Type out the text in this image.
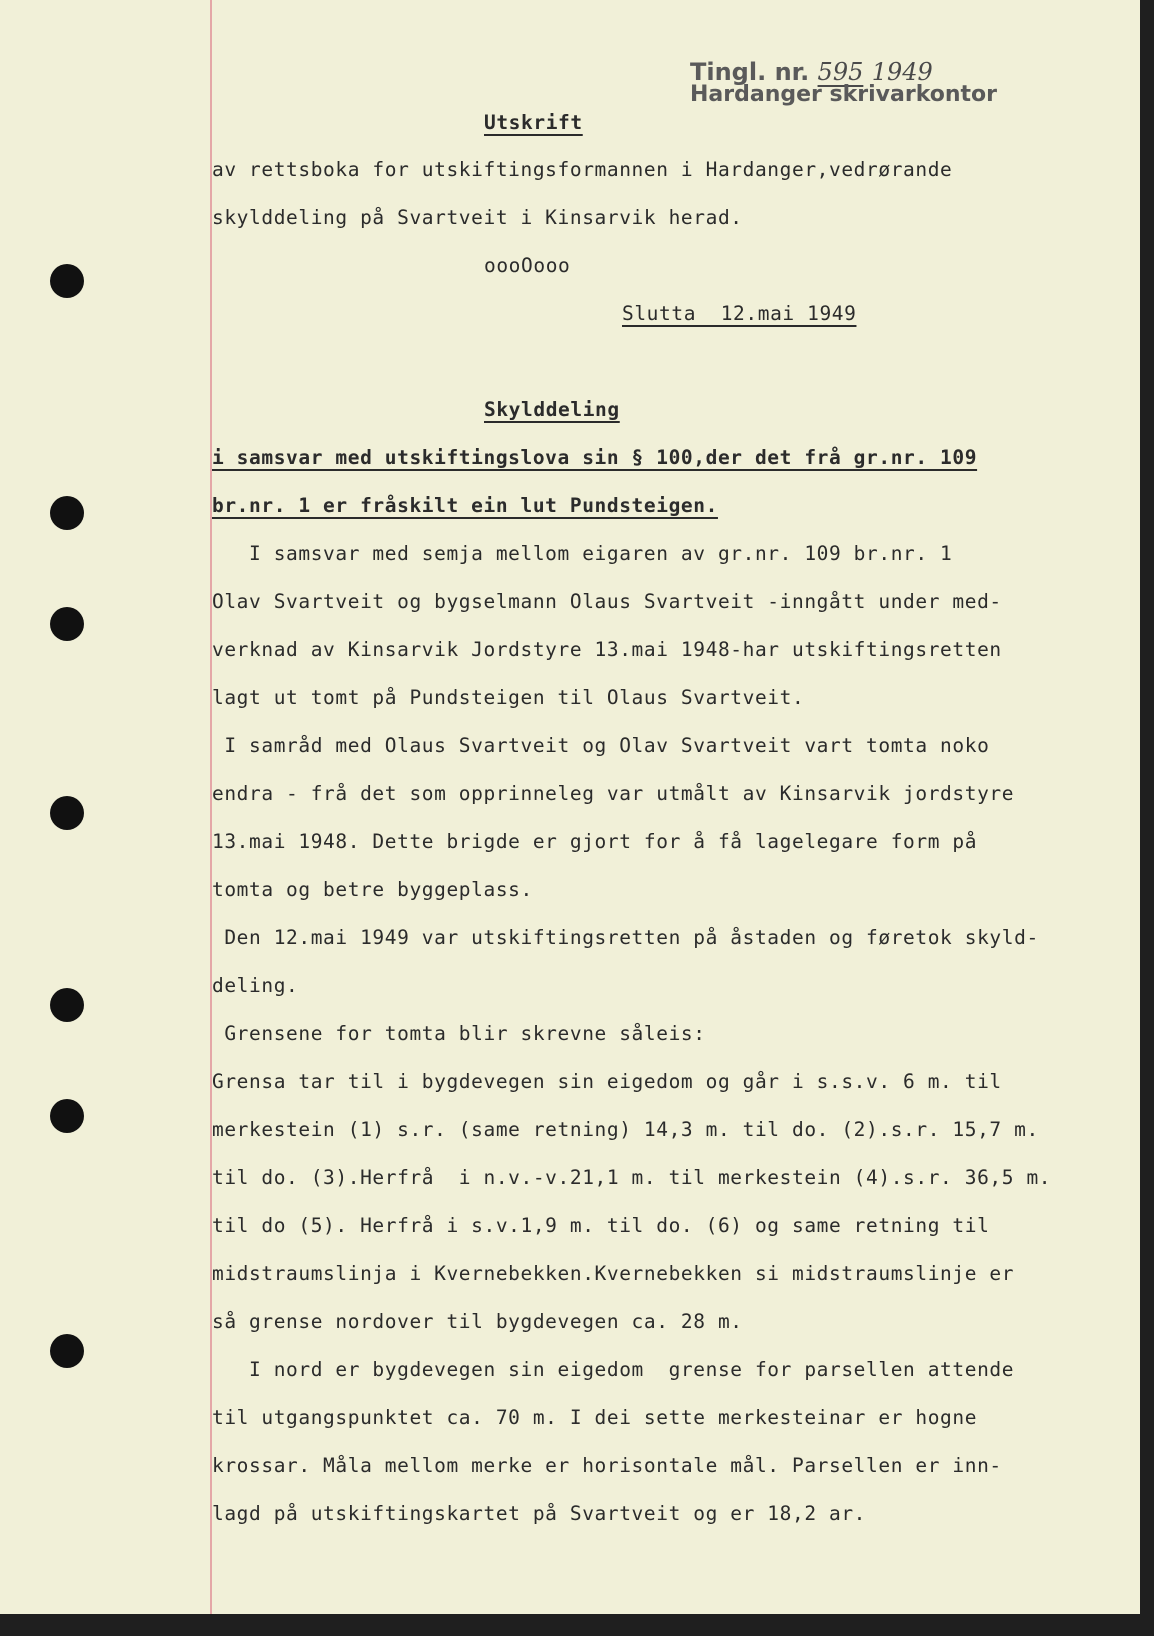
Tingl. nr. 595 1949
Hardanger skrivarkontor
Utskrift
av rettsboka for utskiftingsformannen i Hardanger,vedrørande
skylddeling på Svartveit i Kinsarvik herad.
oooOooo
Slutta  12.mai 1949
Skylddeling
i samsvar med utskiftingslova sin § 100,der det frå gr.nr. 109
br.nr. 1 er fråskilt ein lut Pundsteigen.
I samsvar med semja mellom eigaren av gr.nr. 109 br.nr. 1
Olav Svartveit og bygselmann Olaus Svartveit -inngått under med-
verknad av Kinsarvik Jordstyre 13.mai 1948-har utskiftingsretten
lagt ut tomt på Pundsteigen til Olaus Svartveit.
I samråd med Olaus Svartveit og Olav Svartveit vart tomta noko
endra - frå det som opprinneleg var utmålt av Kinsarvik jordstyre
13.mai 1948. Dette brigde er gjort for å få lagelegare form på
tomta og betre byggeplass.
Den 12.mai 1949 var utskiftingsretten på åstaden og føretok skyld-
deling.
Grensene for tomta blir skrevne såleis:
Grensa tar til i bygdevegen sin eigedom og går i s.s.v. 6 m. til
merkestein (1) s.r. (same retning) 14,3 m. til do. (2).s.r. 15,7 m.
til do. (3).Herfrå  i n.v.-v.21,1 m. til merkestein (4).s.r. 36,5 m.
til do (5). Herfrå i s.v.1,9 m. til do. (6) og same retning til
midstraumslinja i Kvernebekken.Kvernebekken si midstraumslinje er
så grense nordover til bygdevegen ca. 28 m.
I nord er bygdevegen sin eigedom  grense for parsellen attende
til utgangspunktet ca. 70 m. I dei sette merkesteinar er hogne
krossar. Måla mellom merke er horisontale mål. Parsellen er inn-
lagd på utskiftingskartet på Svartveit og er 18,2 ar.
